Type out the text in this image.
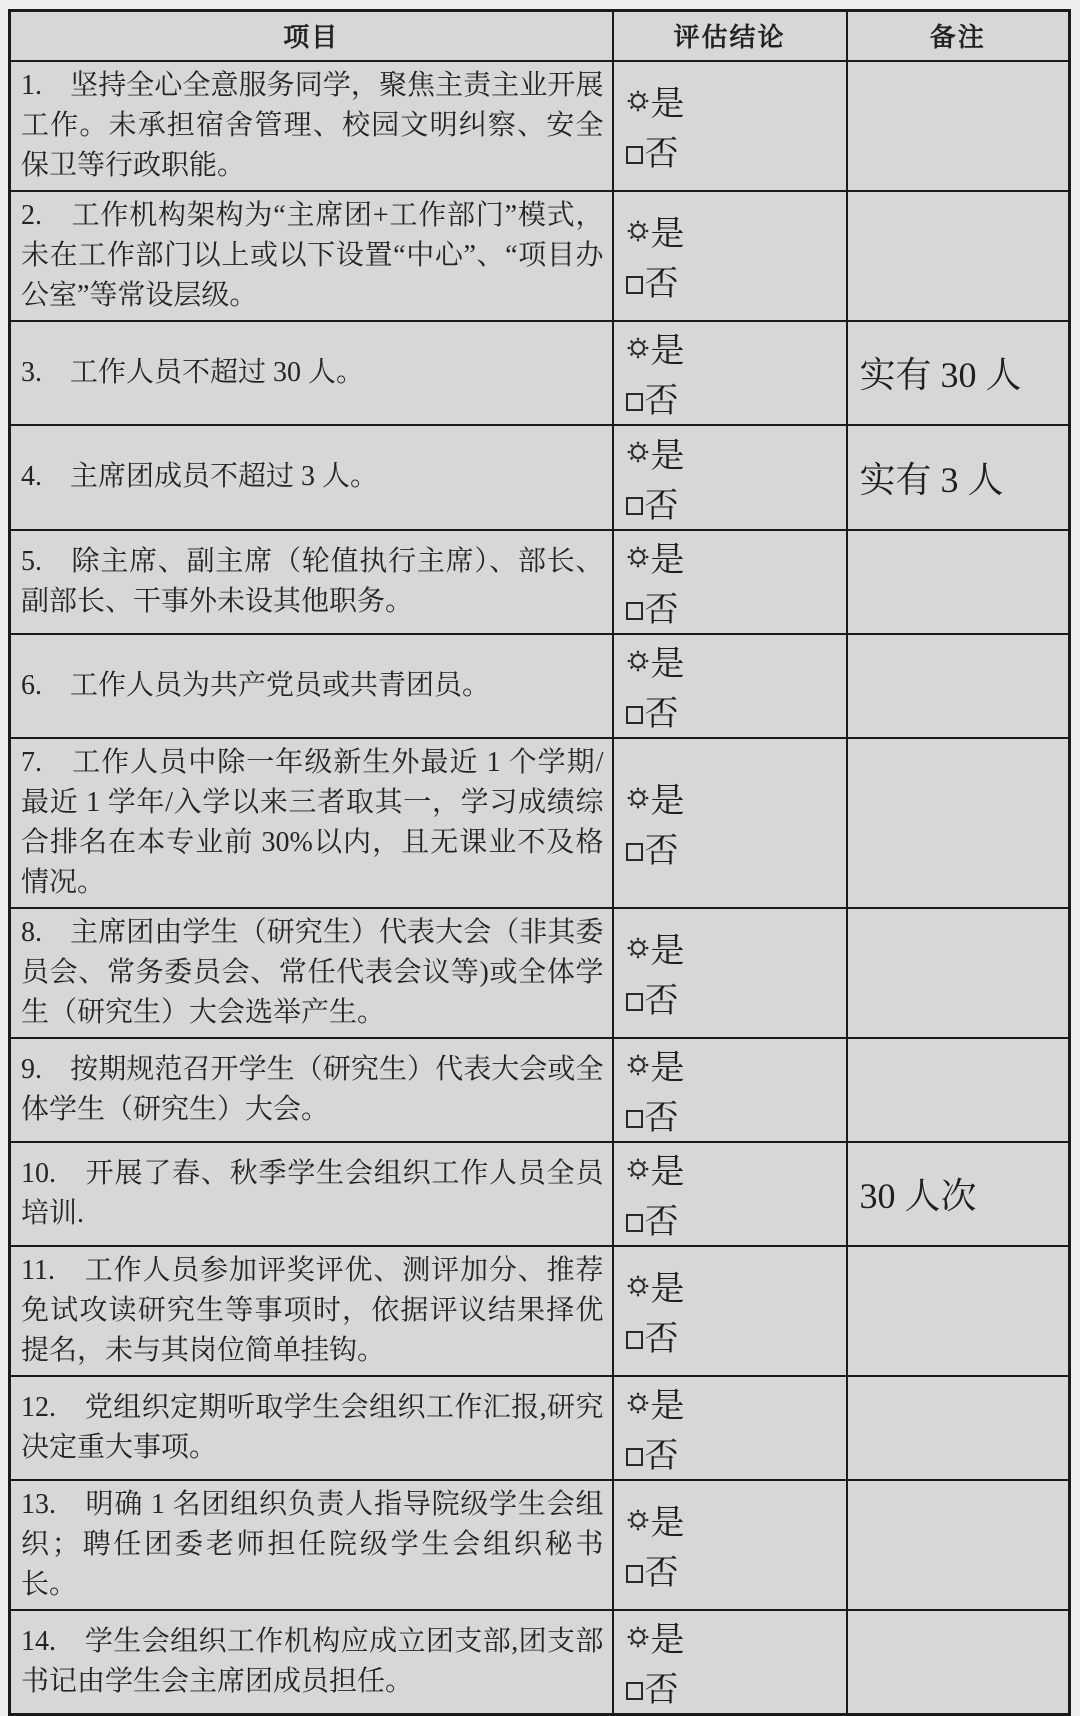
项目	评估结论	备注
1.　坚持全心全意服务同学，聚焦主责主业开展工作。未承担宿舍管理、校园文明纠察、安全保卫等行政职能。	是
否	

2.　工作机构架构为“主席团+工作部门”模式，未在工作部门以上或以下设置“中心”、“项目办公室”等常设层级。	是
否	

3.　工作人员不超过 30 人。	是
否	实有 30 人
4.　主席团成员不超过 3 人。	是
否	实有 3 人
5.　除主席、副主席（轮值执行主席）、部长、副部长、干事外未设其他职务。	是
否	

6.　工作人员为共产党员或共青团员。	是
否	

7.　工作人员中除一年级新生外最近 1 个学期/最近 1 学年/入学以来三者取其一，学习成绩综合排名在本专业前 30%以内，且无课业不及格情况。	是
否	

8.　主席团由学生（研究生）代表大会（非其委员会、常务委员会、常任代表会议等)或全体学生（研究生）大会选举产生。	是
否	

9.　按期规范召开学生（研究生）代表大会或全体学生（研究生）大会。	是
否	

10.　开展了春、秋季学生会组织工作人员全员培训.	是
否	30 人次
11.　工作人员参加评奖评优、测评加分、推荐免试攻读研究生等事项时，依据评议结果择优提名，未与其岗位简单挂钩。	是
否	

12.　党组织定期听取学生会组织工作汇报,研究决定重大事项。	是
否	

13.　明确 1 名团组织负责人指导院级学生会组织；聘任团委老师担任院级学生会组织秘书长。	是
否	

14.　学生会组织工作机构应成立团支部,团支部书记由学生会主席团成员担任。	是
否	
